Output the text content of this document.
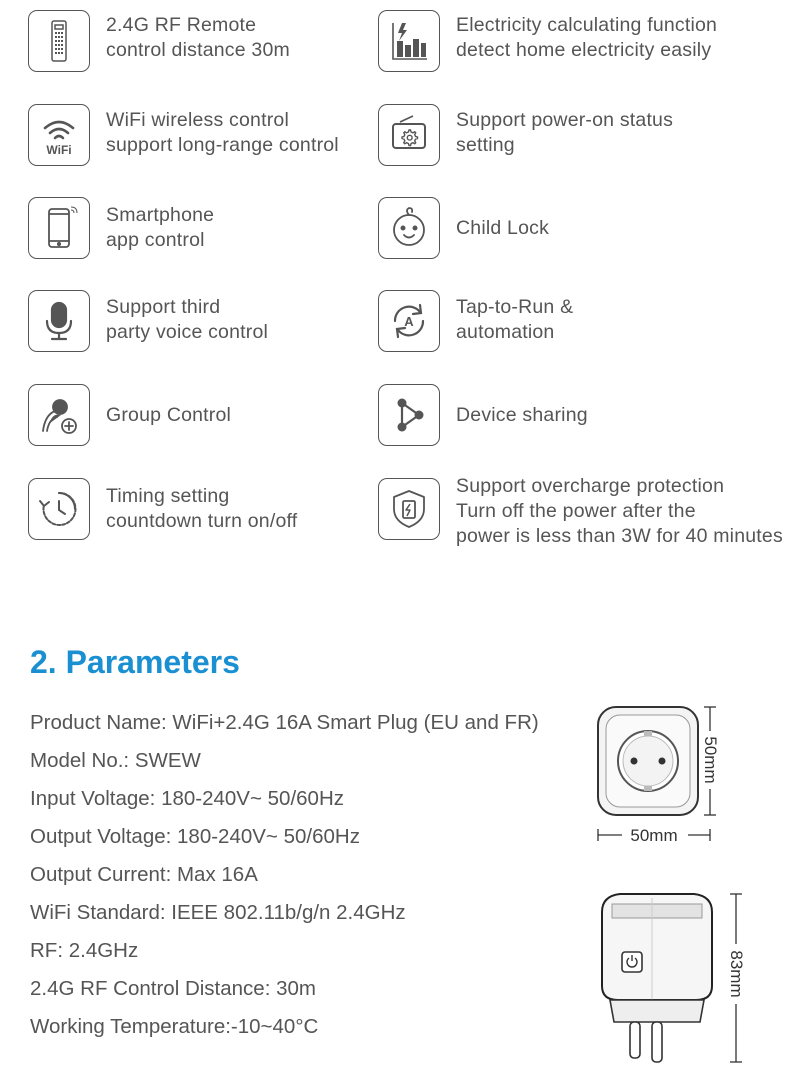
2.4G RF Remote
control distance 30m
WiFi
WiFi wireless control
support long-range control
Smartphone
app control
Support third
party voice control
Group Control
Timing setting
countdown turn on/off
Electricity calculating function
detect home electricity easily
Support power-on status
setting
Child Lock
A
Tap-to-Run &
automation
Device sharing
Support overcharge protection
Turn off the power after the
power is less than 3W for 40 minutes
2. Parameters
Product Name: WiFi+2.4G 16A Smart Plug (EU and FR)
Model No.: SWEW
Input Voltage: 180-240V~ 50/60Hz
Output Voltage: 180-240V~ 50/60Hz
Output Current: Max 16A
WiFi Standard: IEEE 802.11b/g/n 2.4GHz
RF: 2.4GHz
2.4G RF Control Distance: 30m
Working Temperature:-10~40°C
50mm
50mm
83mm
